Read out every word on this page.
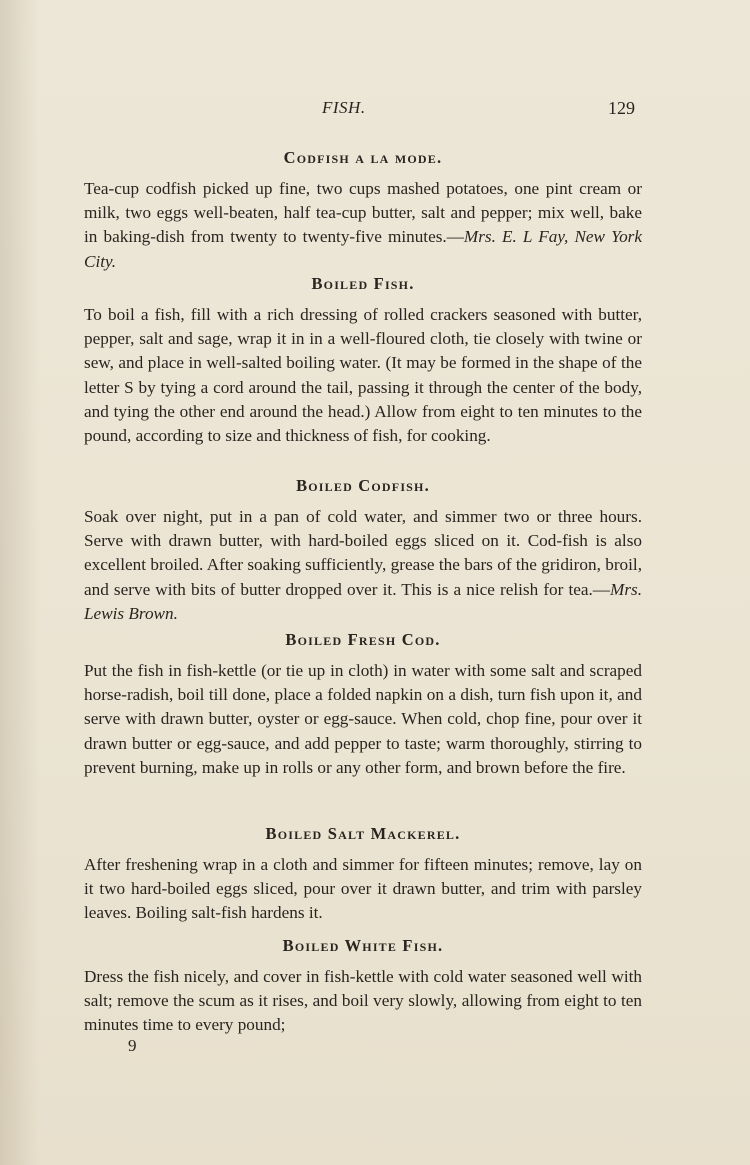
FISH.	129
Codfish a la mode.

Tea-cup codfish picked up fine, two cups mashed potatoes, one pint cream or milk, two eggs well-beaten, half tea-cup butter, salt and pepper; mix well, bake in baking-dish from twenty to twenty-five minutes.—Mrs. E. L Fay, New York City.

Boiled Fish.

To boil a fish, fill with a rich dressing of rolled crackers seasoned with butter, pepper, salt and sage, wrap it in in a well-floured cloth, tie closely with twine or sew, and place in well-salted boiling water. (It may be formed in the shape of the letter S by tying a cord around the tail, passing it through the center of the body, and tying the other end around the head.) Allow from eight to ten minutes to the pound, according to size and thickness of fish, for cooking.

Boiled Codfish.

Soak over night, put in a pan of cold water, and simmer two or three hours. Serve with drawn butter, with hard-boiled eggs sliced on it. Cod-fish is also excellent broiled. After soaking sufficiently, grease the bars of the gridiron, broil, and serve with bits of butter dropped over it. This is a nice relish for tea.—Mrs. Lewis Brown.

Boiled Fresh Cod.

Put the fish in fish-kettle (or tie up in cloth) in water with some salt and scraped horse-radish, boil till done, place a folded napkin on a dish, turn fish upon it, and serve with drawn butter, oyster or egg-sauce. When cold, chop fine, pour over it drawn butter or egg-sauce, and add pepper to taste; warm thoroughly, stirring to prevent burning, make up in rolls or any other form, and brown before the fire.

Boiled Salt Mackerel.

After freshening wrap in a cloth and simmer for fifteen minutes; remove, lay on it two hard-boiled eggs sliced, pour over it drawn butter, and trim with parsley leaves. Boiling salt-fish hardens it.

Boiled White Fish.

Dress the fish nicely, and cover in fish-kettle with cold water seasoned well with salt; remove the scum as it rises, and boil very slowly, allowing from eight to ten minutes time to every pound;

9
